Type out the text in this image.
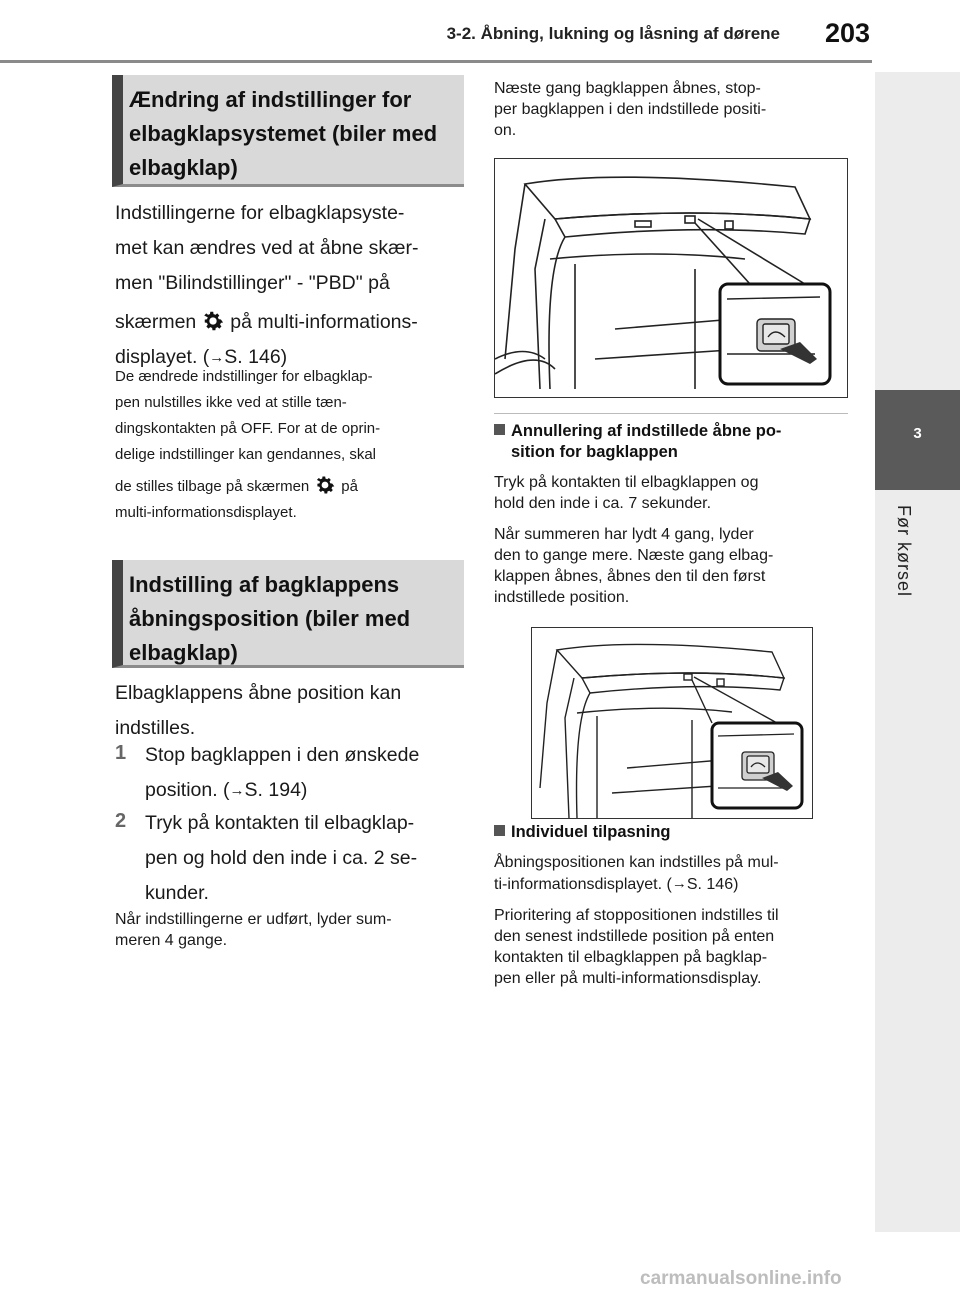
3-2. Åbning, lukning og låsning af dørene 203
3
Før kørsel
Ændring af indstillinger for elbagklapsystemet (biler med elbagklap)
Indstillingerne for elbagklapsyste-
met kan ændres ved at åbne skær-
men "Bilindstillinger" - "PBD" på
skærmen på multi-informations-
displayet. (→S. 146)
De ændrede indstillinger for elbagklap-
pen nulstilles ikke ved at stille tæn-
dingskontakten på OFF. For at de oprin-
delige indstillinger kan gendannes, skal
de stilles tilbage på skærmen på
multi-informationsdisplayet.
Indstilling af bagklappens åbningsposition (biler med elbagklap)
Elbagklappens åbne position kan
indstilles.
1 Stop bagklappen i den ønskede
position. (→S. 194)
2 Tryk på kontakten til elbagklap-
pen og hold den inde i ca. 2 se-
kunder.
Når indstillingerne er udført, lyder sum-
meren 4 gange.
Næste gang bagklappen åbnes, stop-
per bagklappen i den indstillede positi-
on.
Annullering af indstillede åbne po-
sition for bagklappen
Tryk på kontakten til elbagklappen og
hold den inde i ca. 7 sekunder.
Når summeren har lydt 4 gang, lyder
den to gange mere. Næste gang elbag-
klappen åbnes, åbnes den til den først
indstillede position.
Individuel tilpasning
Åbningspositionen kan indstilles på mul-
ti-informationsdisplayet. (→S. 146)
Prioritering af stoppositionen indstilles til
den senest indstillede position på enten
kontakten til elbagklappen på bagklap-
pen eller på multi-informationsdisplay.
carmanualsonline.info
